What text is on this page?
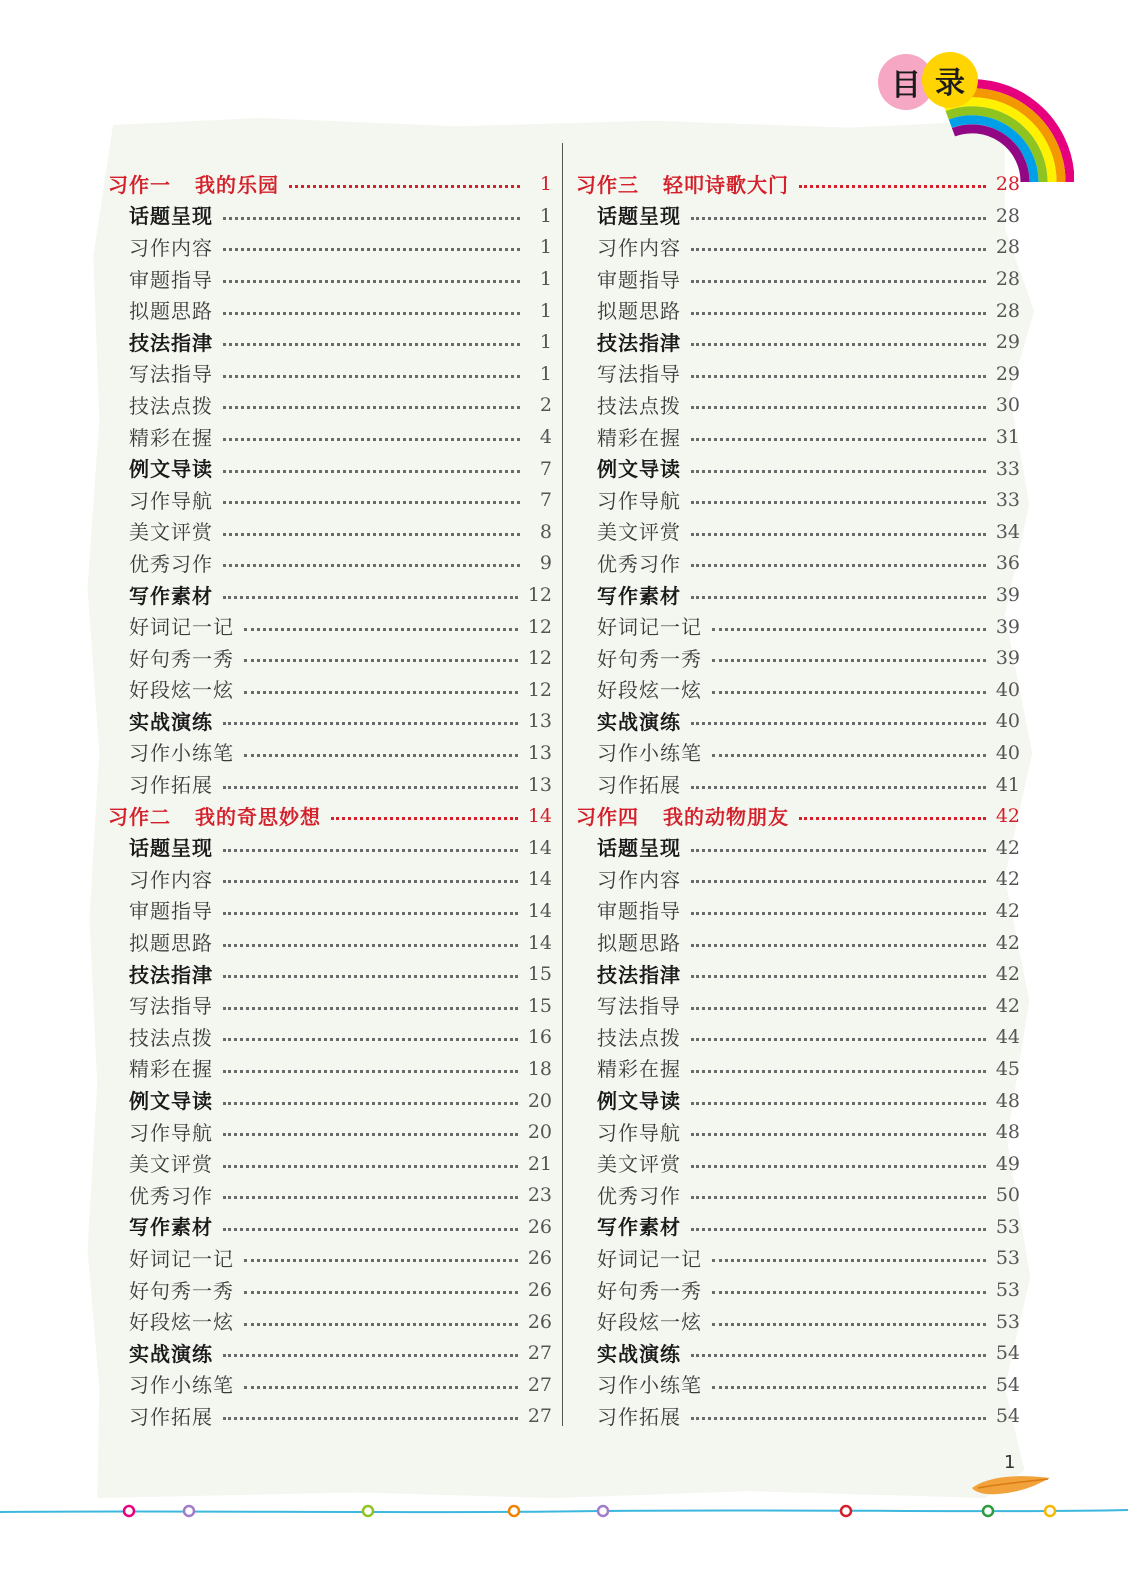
目 录
习作一 我的乐园	1
话题呈现	1
习作内容	1
审题指导	1
拟题思路	1
技法指津	1
写法指导	1
技法点拨	2
精彩在握	4
例文导读	7
习作导航	7
美文评赏	8
优秀习作	9
写作素材	12
好词记一记	12
好句秀一秀	12
好段炫一炫	12
实战演练	13
习作小练笔	13
习作拓展	13
习作二 我的奇思妙想	14
话题呈现	14
习作内容	14
审题指导	14
拟题思路	14
技法指津	15
写法指导	15
技法点拨	16
精彩在握	18
例文导读	20
习作导航	20
美文评赏	21
优秀习作	23
写作素材	26
好词记一记	26
好句秀一秀	26
好段炫一炫	26
实战演练	27
习作小练笔	27
习作拓展	27
习作三 轻叩诗歌大门	28
话题呈现	28
习作内容	28
审题指导	28
拟题思路	28
技法指津	29
写法指导	29
技法点拨	30
精彩在握	31
例文导读	33
习作导航	33
美文评赏	34
优秀习作	36
写作素材	39
好词记一记	39
好句秀一秀	39
好段炫一炫	40
实战演练	40
习作小练笔	40
习作拓展	41
习作四 我的动物朋友	42
话题呈现	42
习作内容	42
审题指导	42
拟题思路	42
技法指津	42
写法指导	42
技法点拨	44
精彩在握	45
例文导读	48
习作导航	48
美文评赏	49
优秀习作	50
写作素材	53
好词记一记	53
好句秀一秀	53
好段炫一炫	53
实战演练	54
习作小练笔	54
习作拓展	54
1
